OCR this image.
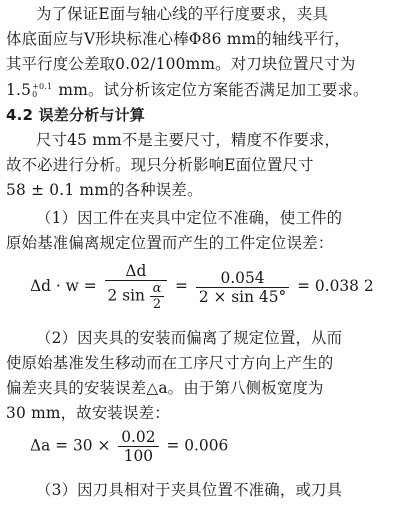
为了保证E面与轴心线的平行度要求，夹具
体底面应与V形块标准心棒Φ86 mm的轴线平行，
其平行度公差取0.02/100mm。对刀块位置尺寸为
1.5 +0.1
0	mm。试分析该定位方案能否满足加工要求。
4.2 误差分析与计算
尺寸45 mm不是主要尺寸，精度不作要求，
故不必进行分析。现只分析影响E面位置尺寸
58 ± 0.1 mm的各种误差。
（1）因工件在夹具中定位不准确，使工件的
原始基准偏离规定位置而产生的工件定位误差：
$\Delta d \cdot w = \frac{\Delta d}{2 \sin \frac{\alpha}{2}} = \frac{0.054}{2 \times \sin 45^\circ} = 0.038$ 2
（2）因夹具的安装而偏离了规定位置，从而
使原始基准发生移动而在工序尺寸方向上产生的
偏差夹具的安装误差△a。由于第八侧板宽度为
30 mm，故安装误差：
$\Delta a = 30 \times \frac{0.02}{100} = 0.006$
（3）因刀具相对于夹具位置不准确，或刀具
